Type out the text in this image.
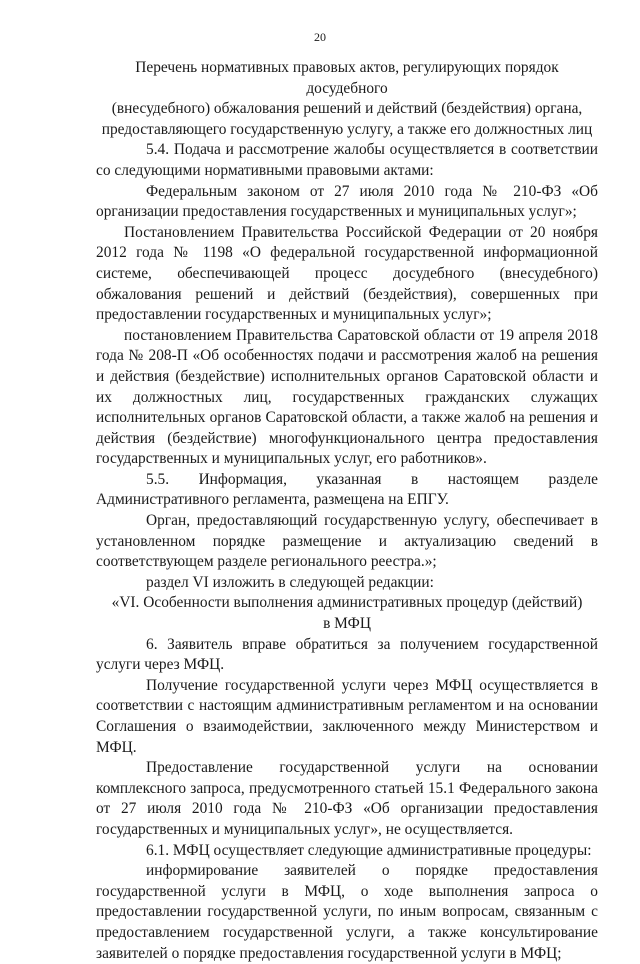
20

Перечень нормативных правовых актов, регулирующих порядок досудебного

(внесудебного) обжалования решений и действий (бездействия) органа,

предоставляющего государственную услугу, а также его должностных лиц

5.4. Подача и рассмотрение жалобы осуществляется в соответствии со следующими нормативными правовыми актами:

Федеральным законом от 27 июля 2010 года № 210-ФЗ «Об организации предоставления государственных и муниципальных услуг»;

Постановлением Правительства Российской Федерации от 20 ноября 2012 года № 1198 «О федеральной государственной информационной системе, обеспечивающей процесс досудебного (внесудебного) обжалования решений и действий (бездействия), совершенных при предоставлении государственных и муниципальных услуг»;

постановлением Правительства Саратовской области от 19 апреля 2018 года № 208-П «Об особенностях подачи и рассмотрения жалоб на решения и действия (бездействие) исполнительных органов Саратовской области и их должностных лиц, государственных гражданских служащих исполнительных органов Саратовской области, а также жалоб на решения и действия (бездействие) многофункционального центра предоставления государственных и муниципальных услуг, его работников».

5.5. Информация, указанная в настоящем разделе Административного регламента, размещена на ЕПГУ.

Орган, предоставляющий государственную услугу, обеспечивает в установленном порядке размещение и актуализацию сведений в соответствующем разделе регионального реестра.»;

раздел VI изложить в следующей редакции:

«VI. Особенности выполнения административных процедур (действий)

в МФЦ

6. Заявитель вправе обратиться за получением государственной услуги через МФЦ.

Получение государственной услуги через МФЦ осуществляется в соответствии с настоящим административным регламентом и на основании Соглашения о взаимодействии, заключенного между Министерством и МФЦ.

Предоставление государственной услуги на основании комплексного запроса, предусмотренного статьей 15.1 Федерального закона от 27 июля 2010 года № 210-ФЗ «Об организации предоставления государственных и муниципальных услуг», не осуществляется.

6.1. МФЦ осуществляет следующие административные процедуры:

информирование заявителей о порядке предоставления государственной услуги в МФЦ, о ходе выполнения запроса о предоставлении государственной услуги, по иным вопросам, связанным с предоставлением государственной услуги, а также консультирование заявителей о порядке предоставления государственной услуги в МФЦ;
